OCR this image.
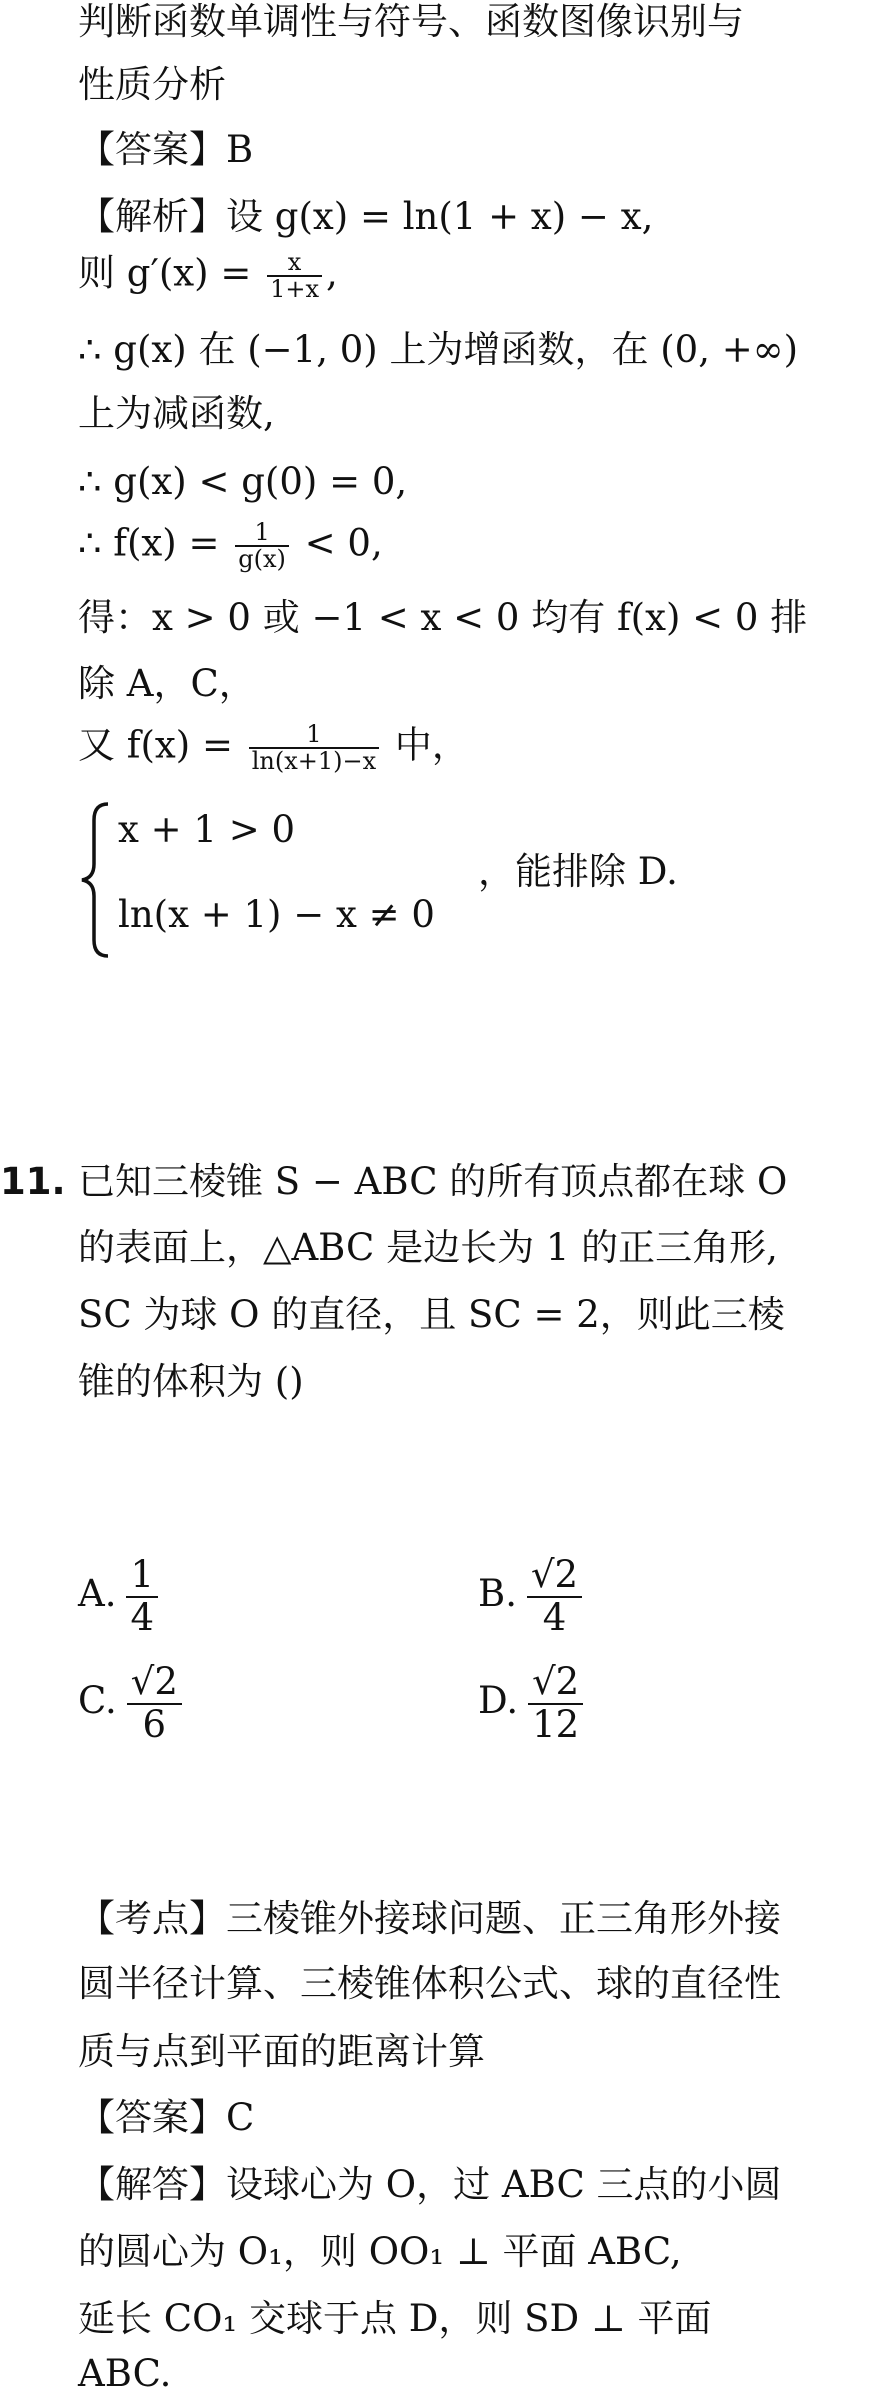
判断函数单调性与符号、函数图像识别与
性质分析
【答案】B
【解析】设 g(x) = ln(1 + x) − x,
则 $g'(x) = \frac{x}{1+x}$ ,
∴ g(x) 在 (−1, 0) 上为增函数，在 (0, +∞)
上为减函数,
∴ g(x) < g(0) = 0,
∴ $f(x) = \frac{1}{g(x)} < 0$,
得：x > 0 或 −1 < x < 0 均有 f(x) < 0 排
除 A，C，
又 $f(x) = \frac{1}{\ln(x+1)-x}$ 中，
x + 1 > 0
ln(x + 1) − x ≠ 0
，能排除 D.
11. 已知三棱锥 S − ABC 的所有顶点都在球 O
的表面上，△ABC 是边长为 1 的正三角形,
SC 为球 O 的直径，且 SC = 2，则此三棱
锥的体积为 ()
A. $\frac{1}{4}$	B. $\frac{√2}{4}$
C. $\frac{√2}{6}$	D. $\frac{√2}{12}$
【考点】三棱锥外接球问题、正三角形外接
圆半径计算、三棱锥体积公式、球的直径性
质与点到平面的距离计算
【答案】C
【解答】设球心为 O，过 ABC 三点的小圆
的圆心为 O₁，则 OO₁ ⊥ 平面 ABC,
延长 CO₁ 交球于点 D，则 SD ⊥ 平面
ABC.
